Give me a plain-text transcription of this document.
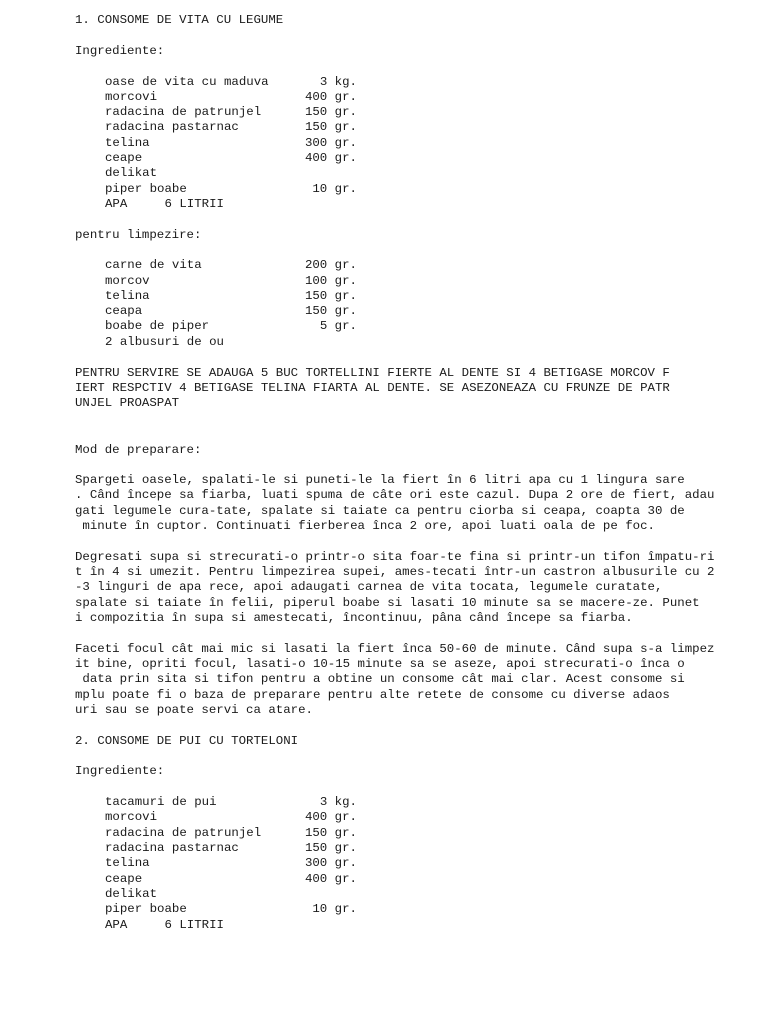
1. CONSOME DE VITA CU LEGUME
Ingrediente:
oase de vita cu maduva	3 kg.
morcovi	400 gr.
radacina de patrunjel	150 gr.
radacina pastarnac	150 gr.
telina	300 gr.
ceape	400 gr.
delikat
piper boabe	10 gr.
APA     6 LITRII
pentru limpezire:
carne de vita	200 gr.
morcov	100 gr.
telina	150 gr.
ceapa	150 gr.
boabe de piper	5 gr.
2 albusuri de ou
PENTRU SERVIRE SE ADAUGA 5 BUC TORTELLINI FIERTE AL DENTE SI 4 BETIGASE MORCOV F
IERT RESPCTIV 4 BETIGASE TELINA FIARTA AL DENTE. SE ASEZONEAZA CU FRUNZE DE PATR
UNJEL PROASPAT
Mod de preparare:
Spargeti oasele, spalati-le si puneti-le la fiert în 6 litri apa cu 1 lingura sare
. Când începe sa fiarba, luati spuma de câte ori este cazul. Dupa 2 ore de fiert, adau
gati legumele cura-tate, spalate si taiate ca pentru ciorba si ceapa, coapta 30 de
minute în cuptor. Continuati fierberea înca 2 ore, apoi luati oala de pe foc.
Degresati supa si strecurati-o printr-o sita foar-te fina si printr-un tifon împatu-ri
t în 4 si umezit. Pentru limpezirea supei, ames-tecati într-un castron albusurile cu 2
-3 linguri de apa rece, apoi adaugati carnea de vita tocata, legumele curatate,
spalate si taiate în felii, piperul boabe si lasati 10 minute sa se macere-ze. Punet
i compozitia în supa si amestecati, încontinuu, pâna când începe sa fiarba.
Faceti focul cât mai mic si lasati la fiert înca 50-60 de minute. Când supa s-a limpez
it bine, opriti focul, lasati-o 10-15 minute sa se aseze, apoi strecurati-o înca o
data prin sita si tifon pentru a obtine un consome cât mai clar. Acest consome si
mplu poate fi o baza de preparare pentru alte retete de consome cu diverse adaos
uri sau se poate servi ca atare.
2. CONSOME DE PUI CU TORTELONI
Ingrediente:
tacamuri de pui	3 kg.
morcovi	400 gr.
radacina de patrunjel	150 gr.
radacina pastarnac	150 gr.
telina	300 gr.
ceape	400 gr.
delikat
piper boabe	10 gr.
APA     6 LITRII
